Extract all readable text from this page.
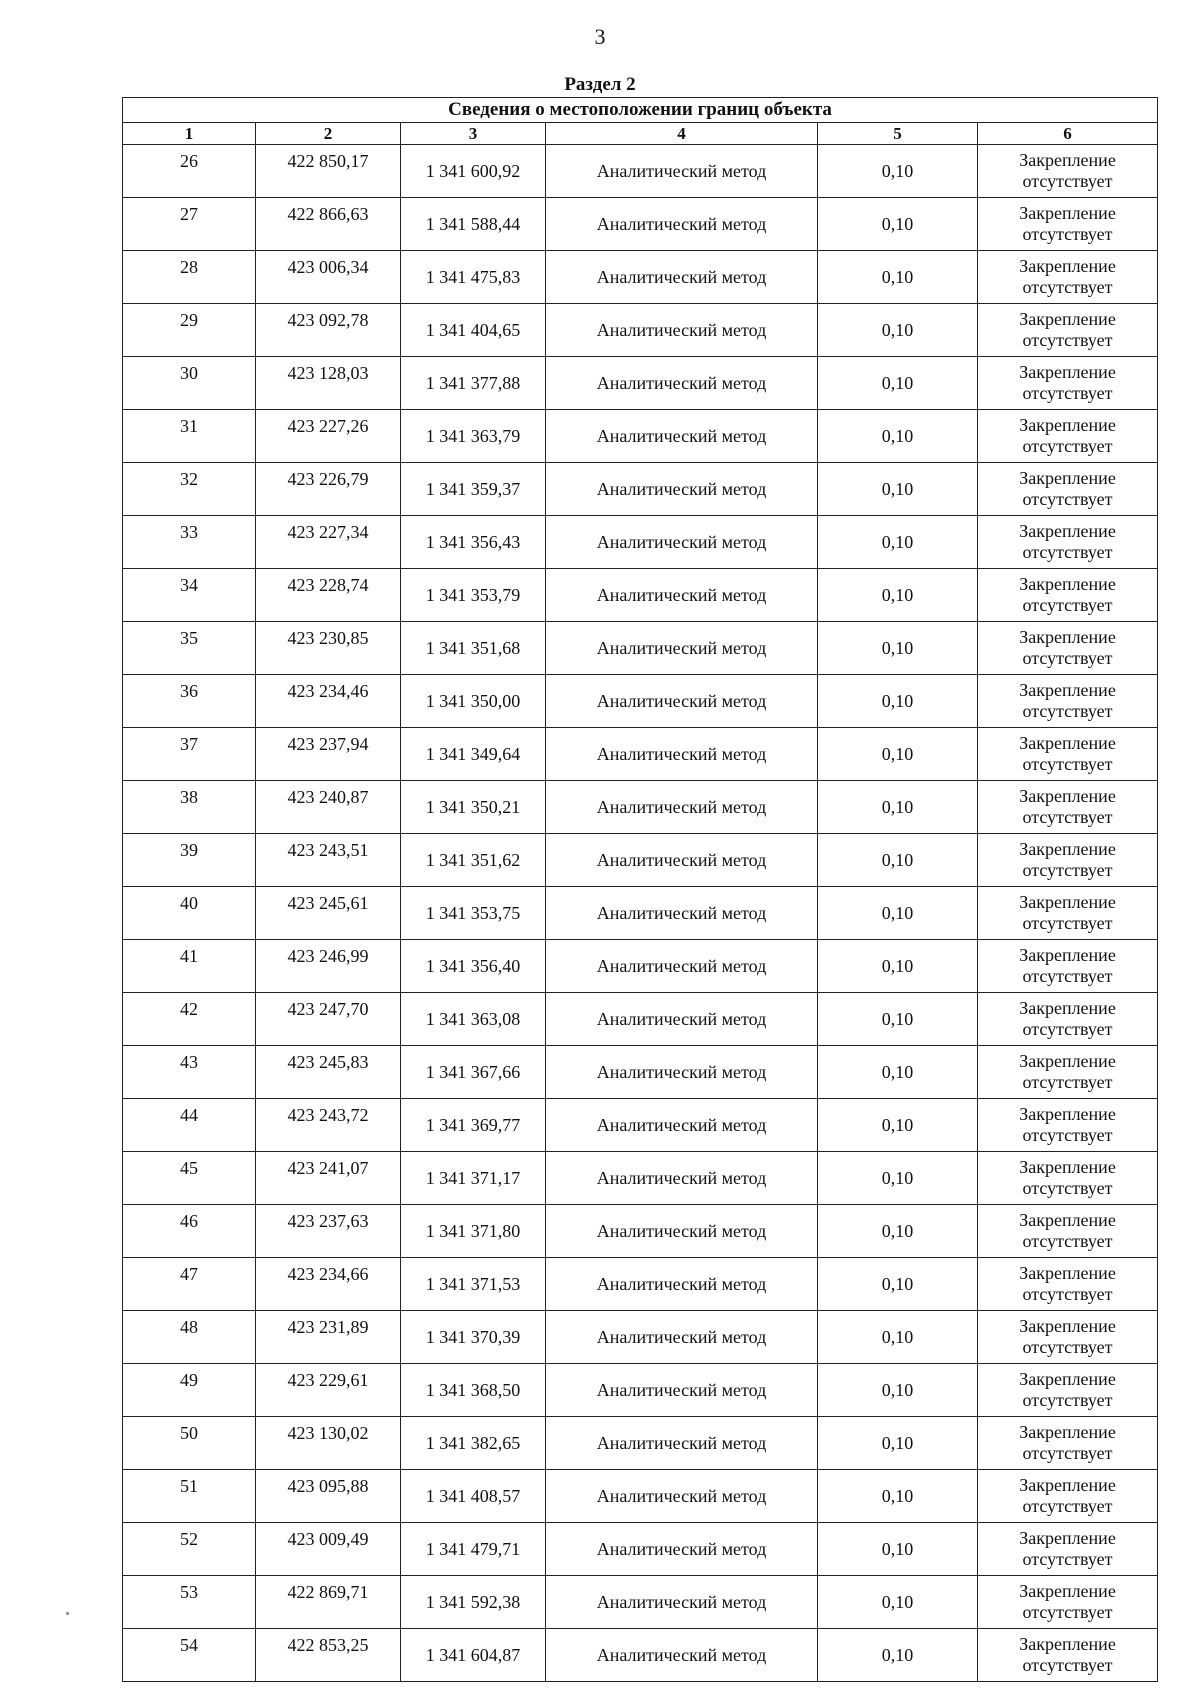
3
Раздел 2
Сведения о местоположении границ объекта					
1	2	3	4	5	6
26	422 850,17	1 341 600,92	Аналитический метод	0,10	Закрепление отсутствует
27	422 866,63	1 341 588,44	Аналитический метод	0,10	Закрепление отсутствует
28	423 006,34	1 341 475,83	Аналитический метод	0,10	Закрепление отсутствует
29	423 092,78	1 341 404,65	Аналитический метод	0,10	Закрепление отсутствует
30	423 128,03	1 341 377,88	Аналитический метод	0,10	Закрепление отсутствует
31	423 227,26	1 341 363,79	Аналитический метод	0,10	Закрепление отсутствует
32	423 226,79	1 341 359,37	Аналитический метод	0,10	Закрепление отсутствует
33	423 227,34	1 341 356,43	Аналитический метод	0,10	Закрепление отсутствует
34	423 228,74	1 341 353,79	Аналитический метод	0,10	Закрепление отсутствует
35	423 230,85	1 341 351,68	Аналитический метод	0,10	Закрепление отсутствует
36	423 234,46	1 341 350,00	Аналитический метод	0,10	Закрепление отсутствует
37	423 237,94	1 341 349,64	Аналитический метод	0,10	Закрепление отсутствует
38	423 240,87	1 341 350,21	Аналитический метод	0,10	Закрепление отсутствует
39	423 243,51	1 341 351,62	Аналитический метод	0,10	Закрепление отсутствует
40	423 245,61	1 341 353,75	Аналитический метод	0,10	Закрепление отсутствует
41	423 246,99	1 341 356,40	Аналитический метод	0,10	Закрепление отсутствует
42	423 247,70	1 341 363,08	Аналитический метод	0,10	Закрепление отсутствует
43	423 245,83	1 341 367,66	Аналитический метод	0,10	Закрепление отсутствует
44	423 243,72	1 341 369,77	Аналитический метод	0,10	Закрепление отсутствует
45	423 241,07	1 341 371,17	Аналитический метод	0,10	Закрепление отсутствует
46	423 237,63	1 341 371,80	Аналитический метод	0,10	Закрепление отсутствует
47	423 234,66	1 341 371,53	Аналитический метод	0,10	Закрепление отсутствует
48	423 231,89	1 341 370,39	Аналитический метод	0,10	Закрепление отсутствует
49	423 229,61	1 341 368,50	Аналитический метод	0,10	Закрепление отсутствует
50	423 130,02	1 341 382,65	Аналитический метод	0,10	Закрепление отсутствует
51	423 095,88	1 341 408,57	Аналитический метод	0,10	Закрепление отсутствует
52	423 009,49	1 341 479,71	Аналитический метод	0,10	Закрепление отсутствует
53	422 869,71	1 341 592,38	Аналитический метод	0,10	Закрепление отсутствует
54	422 853,25	1 341 604,87	Аналитический метод	0,10	Закрепление отсутствует
